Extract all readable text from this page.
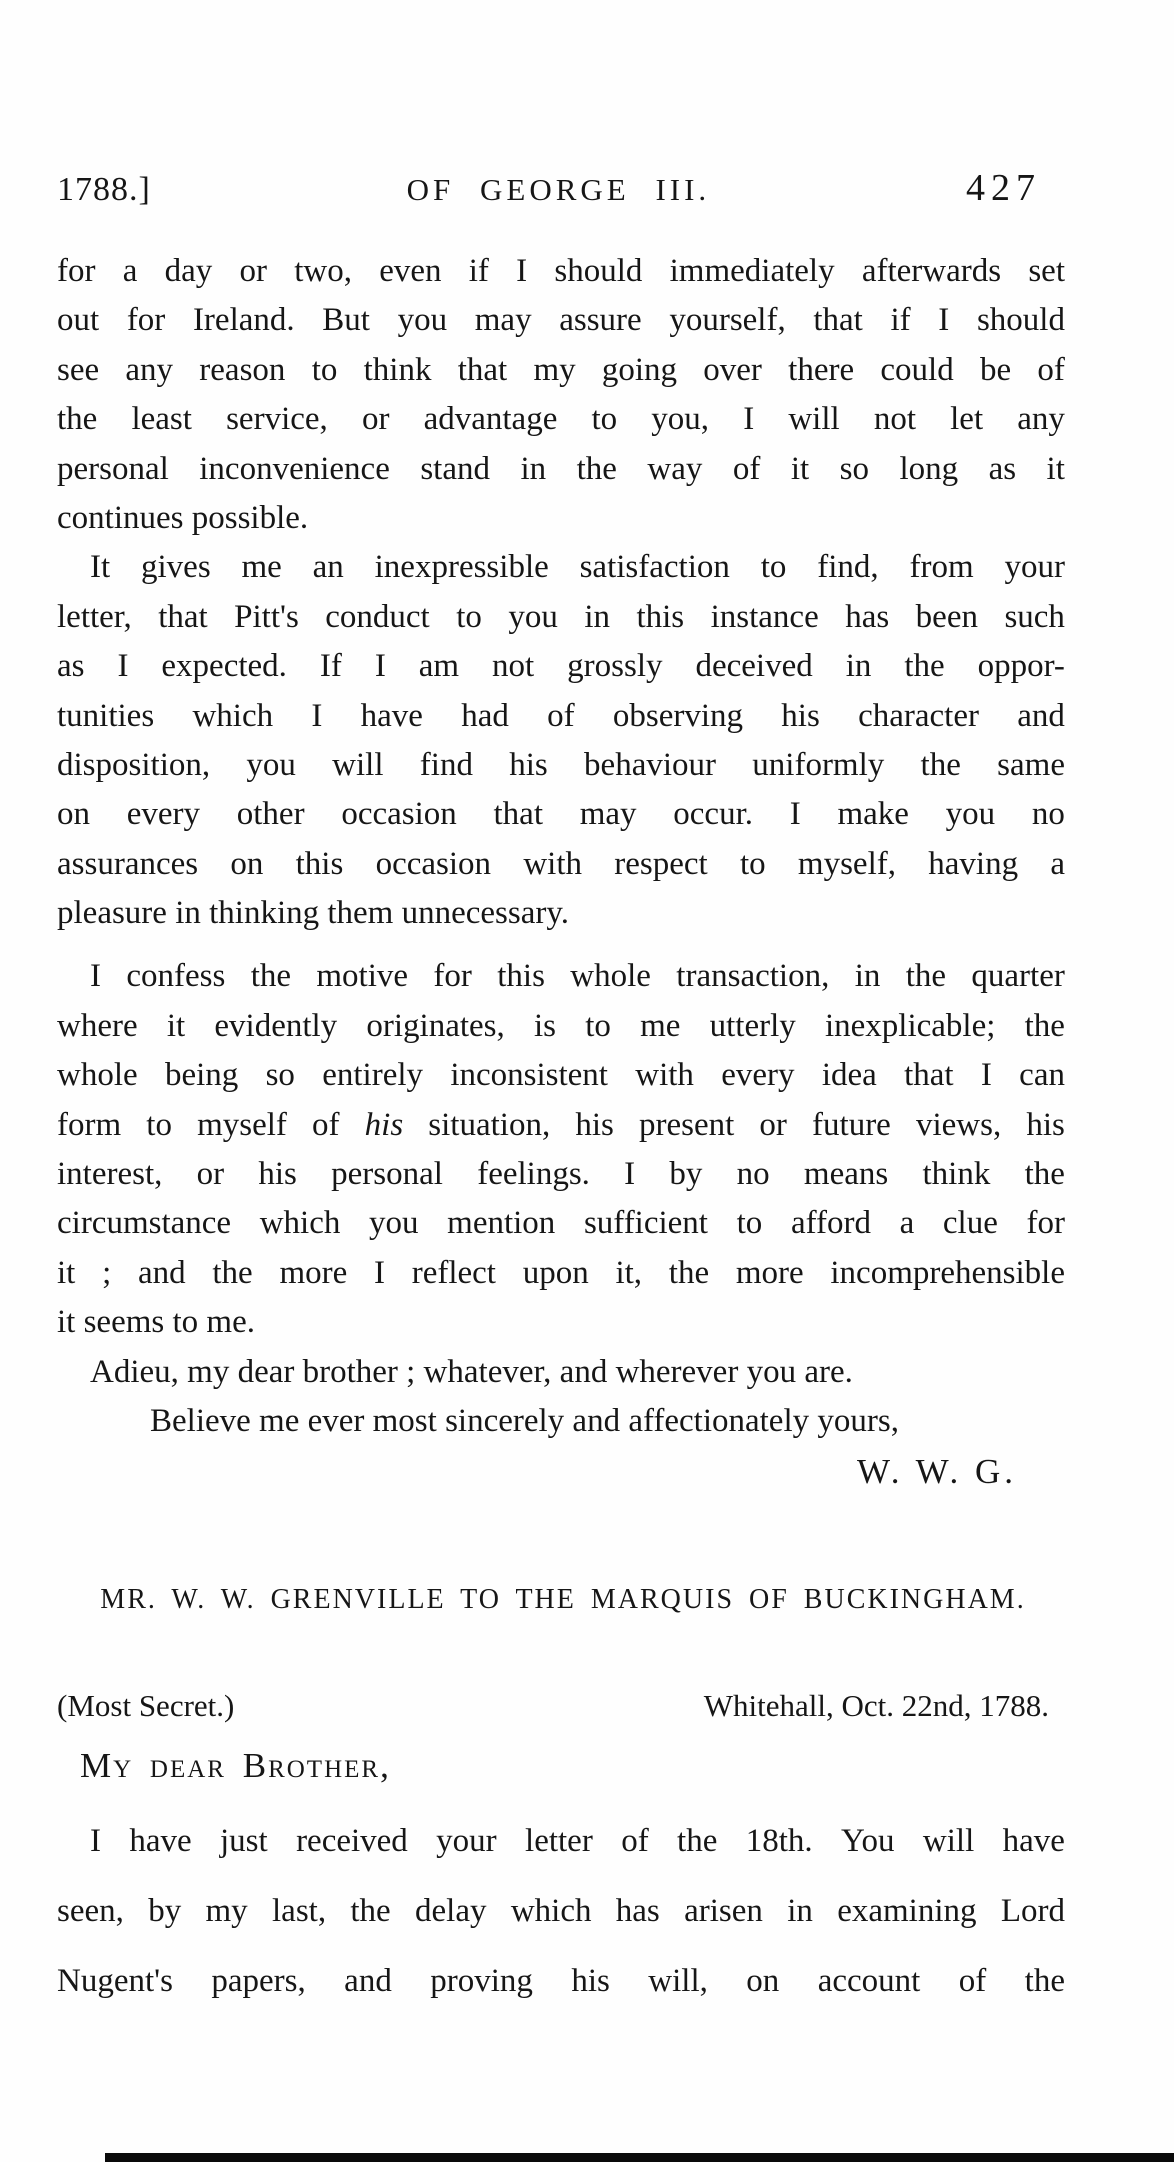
1788.]	OF GEORGE III.	427
for a day or two, even if I should immediately afterwards set
out for Ireland. But you may assure yourself, that if I should
see any reason to think that my going over there could be of
the least service, or advantage to you, I will not let any
personal inconvenience stand in the way of it so long as it
continues possible.
It gives me an inexpressible satisfaction to find, from your
letter, that Pitt's conduct to you in this instance has been such
as I expected. If I am not grossly deceived in the oppor-
tunities which I have had of observing his character and
disposition, you will find his behaviour uniformly the same
on every other occasion that may occur. I make you no
assurances on this occasion with respect to myself, having a
pleasure in thinking them unnecessary.
I confess the motive for this whole transaction, in the quarter
where it evidently originates, is to me utterly inexplicable; the
whole being so entirely inconsistent with every idea that I can
form to myself of his situation, his present or future views, his
interest, or his personal feelings. I by no means think the
circumstance which you mention sufficient to afford a clue for
it ; and the more I reflect upon it, the more incomprehensible
it seems to me.
Adieu, my dear brother ; whatever, and wherever you are.
Believe me ever most sincerely and affectionately yours,
W. W. G.
MR. W. W. GRENVILLE TO THE MARQUIS OF BUCKINGHAM.
(Most Secret.)	Whitehall, Oct. 22nd, 1788.
My dear Brother,
I have just received your letter of the 18th. You will have
seen, by my last, the delay which has arisen in examining Lord
Nugent's papers, and proving his will, on account of the
